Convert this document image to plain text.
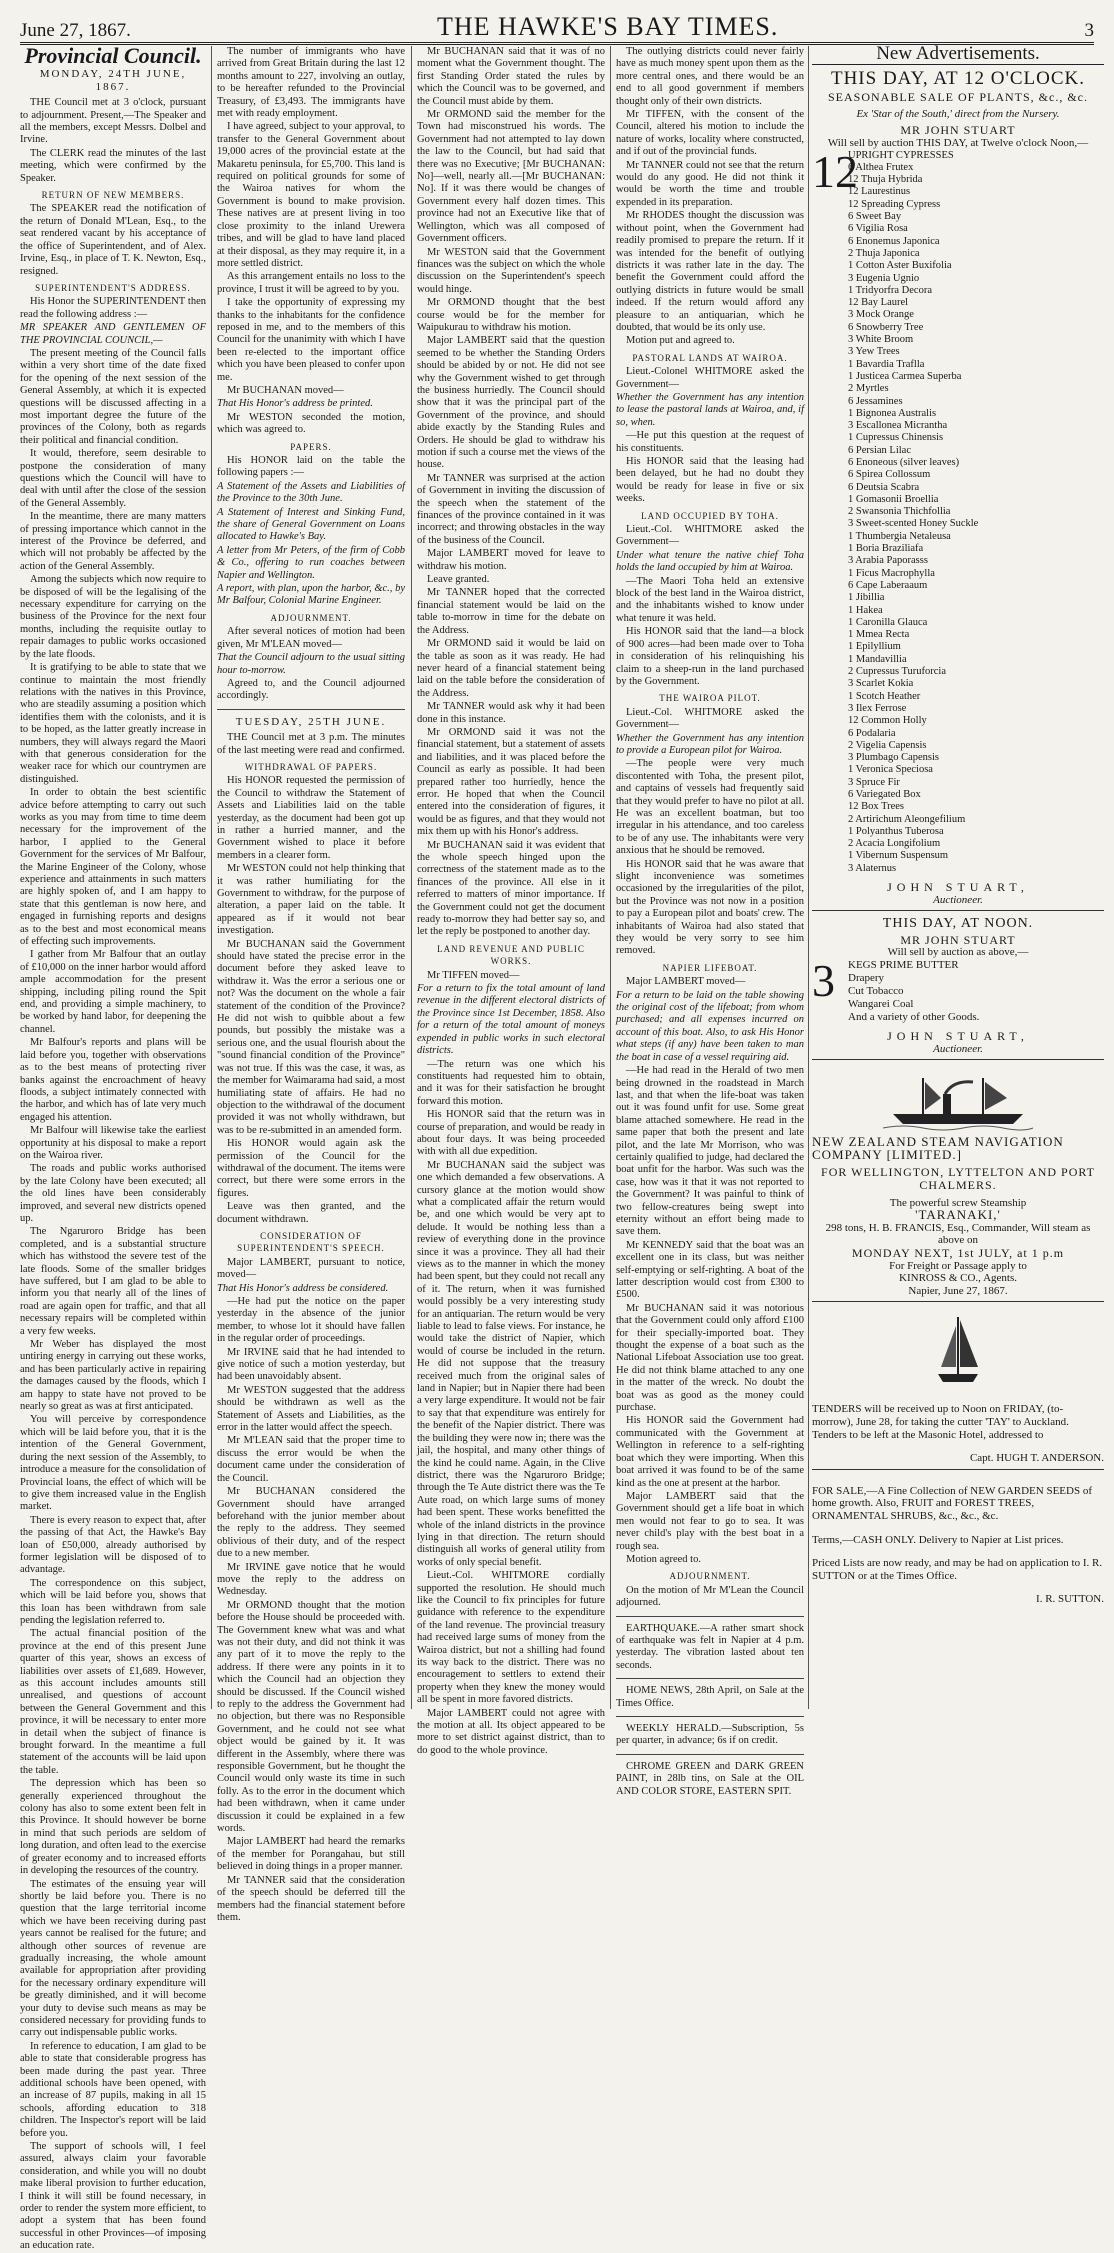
June 27, 1867.	THE HAWKE'S BAY TIMES.	3
Provincial Council.
MONDAY, 24TH JUNE, 1867.

THE Council met at 3 o'clock, pursuant to adjournment. Present,—The Speaker and all the members, except Messrs. Dolbel and Irvine.

The CLERK read the minutes of the last meeting, which were confirmed by the Speaker.

RETURN OF NEW MEMBERS.

The SPEAKER read the notification of the return of Donald M'Lean, Esq., to the seat rendered vacant by his acceptance of the office of Superintendent, and of Alex. Irvine, Esq., in place of T. K. Newton, Esq., resigned.

SUPERINTENDENT'S ADDRESS.

His Honor the SUPERINTENDENT then read the following address :—

MR SPEAKER AND GENTLEMEN OF THE PROVINCIAL COUNCIL,—

The present meeting of the Council falls within a very short time of the date fixed for the opening of the next session of the General Assembly, at which it is expected questions will be discussed affecting in a most important degree the future of the provinces of the Colony, both as regards their political and financial condition.

It would, therefore, seem desirable to postpone the consideration of many questions which the Council will have to deal with until after the close of the session of the General Assembly.

In the meantime, there are many matters of pressing importance which cannot in the interest of the Province be deferred, and which will not probably be affected by the action of the General Assembly.

Among the subjects which now require to be disposed of will be the legalising of the necessary expenditure for carrying on the business of the Province for the next four months, including the requisite outlay to repair damages to public works occasioned by the late floods.

It is gratifying to be able to state that we continue to maintain the most friendly relations with the natives in this Province, who are steadily assuming a position which identifies them with the colonists, and it is to be hoped, as the latter greatly increase in numbers, they will always regard the Maori with that generous consideration for the weaker race for which our countrymen are distinguished.

In order to obtain the best scientific advice before attempting to carry out such works as you may from time to time deem necessary for the improvement of the harbor, I applied to the General Government for the services of Mr Balfour, the Marine Engineer of the Colony, whose experience and attainments in such matters are highly spoken of, and I am happy to state that this gentleman is now here, and engaged in furnishing reports and designs as to the best and most economical means of effecting such improvements.

I gather from Mr Balfour that an outlay of £10,000 on the inner harbor would afford ample accommodation for the present shipping, including piling round the Spit end, and providing a simple machinery, to be worked by hand labor, for deepening the channel.

Mr Balfour's reports and plans will be laid before you, together with observations as to the best means of protecting river banks against the encroachment of heavy floods, a subject intimately connected with the harbor, and which has of late very much engaged his attention.

Mr Balfour will likewise take the earliest opportunity at his disposal to make a report on the Wairoa river.

The roads and public works authorised by the late Colony have been executed; all the old lines have been considerably improved, and several new districts opened up.

The Ngaruroro Bridge has been completed, and is a substantial structure which has withstood the severe test of the late floods. Some of the smaller bridges have suffered, but I am glad to be able to inform you that nearly all of the lines of road are again open for traffic, and that all necessary repairs will be completed within a very few weeks.

Mr Weber has displayed the most untiring energy in carrying out these works, and has been particularly active in repairing the damages caused by the floods, which I am happy to state have not proved to be nearly so great as was at first anticipated.

You will perceive by correspondence which will be laid before you, that it is the intention of the General Government, during the next session of the Assembly, to introduce a measure for the consolidation of Provincial loans, the effect of which will be to give them increased value in the English market.

There is every reason to expect that, after the passing of that Act, the Hawke's Bay loan of £50,000, already authorised by former legislation will be disposed of to advantage.

The correspondence on this subject, which will be laid before you, shows that this loan has been withdrawn from sale pending the legislation referred to.

The actual financial position of the province at the end of this present June quarter of this year, shows an excess of liabilities over assets of £1,689. However, as this account includes amounts still unrealised, and questions of account between the General Government and this province, it will be necessary to enter more in detail when the subject of finance is brought forward. In the meantime a full statement of the accounts will be laid upon the table.

The depression which has been so generally experienced throughout the colony has also to some extent been felt in this Province. It should however be borne in mind that such periods are seldom of long duration, and often lead to the exercise of greater economy and to increased efforts in developing the resources of the country.

The estimates of the ensuing year will shortly be laid before you. There is no question that the large territorial income which we have been receiving during past years cannot be realised for the future; and although other sources of revenue are gradually increasing, the whole amount available for appropriation after providing for the necessary ordinary expenditure will be greatly diminished, and it will become your duty to devise such means as may be considered necessary for providing funds to carry out indispensable public works.

In reference to education, I am glad to be able to state that considerable progress has been made during the past year. Three additional schools have been opened, with an increase of 87 pupils, making in all 15 schools, affording education to 318 children. The Inspector's report will be laid before you.

The support of schools will, I feel assured, always claim your favorable consideration, and while you will no doubt make liberal provision to further education, I think it will still be found necessary, in order to render the system more efficient, to adopt a system that has been found successful in other Provinces—of imposing an education rate.

The number of immigrants who have arrived from Great Britain during the last 12 months amount to 227, involving an outlay, to be hereafter refunded to the Provincial Treasury, of £3,493. The immigrants have met with ready employment.

I have agreed, subject to your approval, to transfer to the General Government about 19,000 acres of the provincial estate at the Makaretu peninsula, for £5,700. This land is required on political grounds for some of the Wairoa natives for whom the Government is bound to make provision. These natives are at present living in too close proximity to the inland Urewera tribes, and will be glad to have land placed at their disposal, as they may require it, in a more settled district.

As this arrangement entails no loss to the province, I trust it will be agreed to by you.

I take the opportunity of expressing my thanks to the inhabitants for the confidence reposed in me, and to the members of this Council for the unanimity with which I have been re-elected to the important office which you have been pleased to confer upon me.

Mr BUCHANAN moved—

That His Honor's address be printed.

Mr WESTON seconded the motion, which was agreed to.

PAPERS.

His HONOR laid on the table the following papers :—

A Statement of the Assets and Liabilities of the Province to the 30th June.

A Statement of Interest and Sinking Fund, the share of General Government on Loans allocated to Hawke's Bay.

A letter from Mr Peters, of the firm of Cobb & Co., offering to run coaches between Napier and Wellington.

A report, with plan, upon the harbor, &c., by Mr Balfour, Colonial Marine Engineer.

ADJOURNMENT.

After several notices of motion had been given, Mr M'LEAN moved—

That the Council adjourn to the usual sitting hour to-morrow.

Agreed to, and the Council adjourned accordingly.

TUESDAY, 25TH JUNE.

THE Council met at 3 p.m. The minutes of the last meeting were read and confirmed.

WITHDRAWAL OF PAPERS.

His HONOR requested the permission of the Council to withdraw the Statement of Assets and Liabilities laid on the table yesterday, as the document had been got up in rather a hurried manner, and the Government wished to place it before members in a clearer form.

Mr WESTON could not help thinking that it was rather humiliating for the Government to withdraw, for the purpose of alteration, a paper laid on the table. It appeared as if it would not bear investigation.

Mr BUCHANAN said the Government should have stated the precise error in the document before they asked leave to withdraw it. Was the error a serious one or not? Was the document on the whole a fair statement of the condition of the Province? He did not wish to quibble about a few pounds, but possibly the mistake was a serious one, and the usual flourish about the "sound financial condition of the Province" was not true. If this was the case, it was, as the member for Waimarama had said, a most humiliating state of affairs. He had no objection to the withdrawal of the document provided it was not wholly withdrawn, but was to be re-submitted in an amended form.

His HONOR would again ask the permission of the Council for the withdrawal of the document. The items were correct, but there were some errors in the figures.

Leave was then granted, and the document withdrawn.

CONSIDERATION OF SUPERINTENDENT'S SPEECH.

Major LAMBERT, pursuant to notice, moved—

That His Honor's address be considered.

—He had put the notice on the paper yesterday in the absence of the junior member, to whose lot it should have fallen in the regular order of proceedings.

Mr IRVINE said that he had intended to give notice of such a motion yesterday, but had been unavoidably absent.

Mr WESTON suggested that the address should be withdrawn as well as the Statement of Assets and Liabilities, as the error in the latter would affect the speech.

Mr M'LEAN said that the proper time to discuss the error would be when the document came under the consideration of the Council.

Mr BUCHANAN considered the Government should have arranged beforehand with the junior member about the reply to the address. They seemed oblivious of their duty, and of the respect due to a new member.

Mr IRVINE gave notice that he would move the reply to the address on Wednesday.

Mr ORMOND thought that the motion before the House should be proceeded with. The Government knew what was and what was not their duty, and did not think it was any part of it to move the reply to the address. If there were any points in it to which the Council had an objection they should be discussed. If the Council wished to reply to the address the Government had no objection, but there was no Responsible Government, and he could not see what object would be gained by it. It was different in the Assembly, where there was responsible Government, but he thought the Council would only waste its time in such folly. As to the error in the document which had been withdrawn, when it came under discussion it could be explained in a few words.

Major LAMBERT had heard the remarks of the member for Porangahau, but still believed in doing things in a proper manner.

Mr TANNER said that the consideration of the speech should be deferred till the members had the financial statement before them.

Mr BUCHANAN said that it was of no moment what the Government thought. The first Standing Order stated the rules by which the Council was to be governed, and the Council must abide by them.

Mr ORMOND said the member for the Town had misconstrued his words. The Government had not attempted to lay down the law to the Council, but had said that there was no Executive; [Mr BUCHANAN: No]—well, nearly all.—[Mr BUCHANAN: No]. If it was there would be changes of Government every half dozen times. This province had not an Executive like that of Wellington, which was all composed of Government officers.

Mr WESTON said that the Government finances was the subject on which the whole discussion on the Superintendent's speech would hinge.

Mr ORMOND thought that the best course would be for the member for Waipukurau to withdraw his motion.

Major LAMBERT said that the question seemed to be whether the Standing Orders should be abided by or not. He did not see why the Government wished to get through the business hurriedly. The Council should show that it was the principal part of the Government of the province, and should abide exactly by the Standing Rules and Orders. He should be glad to withdraw his motion if such a course met the views of the house.

Mr TANNER was surprised at the action of Government in inviting the discussion of the speech when the statement of the finances of the province contained in it was incorrect; and throwing obstacles in the way of the business of the Council.

Major LAMBERT moved for leave to withdraw his motion.

Leave granted.

Mr TANNER hoped that the corrected financial statement would be laid on the table to-morrow in time for the debate on the Address.

Mr ORMOND said it would be laid on the table as soon as it was ready. He had never heard of a financial statement being laid on the table before the consideration of the Address.

Mr TANNER would ask why it had been done in this instance.

Mr ORMOND said it was not the financial statement, but a statement of assets and liabilities, and it was placed before the Council as early as possible. It had been prepared rather too hurriedly, hence the error. He hoped that when the Council entered into the consideration of figures, it would be as figures, and that they would not mix them up with his Honor's address.

Mr BUCHANAN said it was evident that the whole speech hinged upon the correctness of the statement made as to the finances of the province. All else in it referred to matters of minor importance. If the Government could not get the document ready to-morrow they had better say so, and let the reply be postponed to another day.

LAND REVENUE AND PUBLIC WORKS.

Mr TIFFEN moved—

For a return to fix the total amount of land revenue in the different electoral districts of the Province since 1st December, 1858. Also for a return of the total amount of moneys expended in public works in such electoral districts.

—The return was one which his constituents had requested him to obtain, and it was for their satisfaction he brought forward this motion.

His HONOR said that the return was in course of preparation, and would be ready in about four days. It was being proceeded with with all due expedition.

Mr BUCHANAN said the subject was one which demanded a few observations. A cursory glance at the motion would show what a complicated affair the return would be, and one which would be very apt to delude. It would be nothing less than a review of everything done in the province since it was a province. They all had their views as to the manner in which the money had been spent, but they could not recall any of it. The return, when it was furnished would possibly be a very interesting study for an antiquarian. The return would be very liable to lead to false views. For instance, he would take the district of Napier, which would of course be included in the return. He did not suppose that the treasury received much from the original sales of land in Napier; but in Napier there had been a very large expenditure. It would not be fair to say that that expenditure was entirely for the benefit of the Napier district. There was the building they were now in; there was the jail, the hospital, and many other things of the kind he could name. Again, in the Clive district, there was the Ngaruroro Bridge; through the Te Aute district there was the Te Aute road, on which large sums of money had been spent. These works benefitted the whole of the inland districts in the province lying in that direction. The return should distinguish all works of general utility from works of only special benefit.

Lieut.-Col. WHITMORE cordially supported the resolution. He should much like the Council to fix principles for future guidance with reference to the expenditure of the land revenue. The provincial treasury had received large sums of money from the Wairoa district, but not a shilling had found its way back to the district. There was no encouragement to settlers to extend their property when they knew the money would all be spent in more favored districts.

Major LAMBERT could not agree with the motion at all. Its object appeared to be more to set district against district, than to do good to the whole province.

The outlying districts could never fairly have as much money spent upon them as the more central ones, and there would be an end to all good government if members thought only of their own districts.

Mr TIFFEN, with the consent of the Council, altered his motion to include the nature of works, locality where constructed, and if out of the provincial funds.

Mr TANNER could not see that the return would do any good. He did not think it would be worth the time and trouble expended in its preparation.

Mr RHODES thought the discussion was without point, when the Government had readily promised to prepare the return. If it was intended for the benefit of outlying districts it was rather late in the day. The benefit the Government could afford the outlying districts in future would be small indeed. If the return would afford any pleasure to an antiquarian, which he doubted, that would be its only use.

Motion put and agreed to.

PASTORAL LANDS AT WAIROA.

Lieut.-Colonel WHITMORE asked the Government—

Whether the Government has any intention to lease the pastoral lands at Wairoa, and, if so, when.

—He put this question at the request of his constituents.

His HONOR said that the leasing had been delayed, but he had no doubt they would be ready for lease in five or six weeks.

LAND OCCUPIED BY TOHA.

Lieut.-Col. WHITMORE asked the Government—

Under what tenure the native chief Toha holds the land occupied by him at Wairoa.

—The Maori Toha held an extensive block of the best land in the Wairoa district, and the inhabitants wished to know under what tenure it was held.

His HONOR said that the land—a block of 900 acres—had been made over to Toha in consideration of his relinquishing his claim to a sheep-run in the land purchased by the Government.

THE WAIROA PILOT.

Lieut.-Col. WHITMORE asked the Government—

Whether the Government has any intention to provide a European pilot for Wairoa.

—The people were very much discontented with Toha, the present pilot, and captains of vessels had frequently said that they would prefer to have no pilot at all. He was an excellent boatman, but too irregular in his attendance, and too careless to be of any use. The inhabitants were very anxious that he should be removed.

His HONOR said that he was aware that slight inconvenience was sometimes occasioned by the irregularities of the pilot, but the Province was not now in a position to pay a European pilot and boats' crew. The inhabitants of Wairoa had also stated that they would be very sorry to see him removed.

NAPIER LIFEBOAT.

Major LAMBERT moved—

For a return to be laid on the table showing the original cost of the lifeboat; from whom purchased; and all expenses incurred on account of this boat. Also, to ask His Honor what steps (if any) have been taken to man the boat in case of a vessel requiring aid.

—He had read in the Herald of two men being drowned in the roadstead in March last, and that when the life-boat was taken out it was found unfit for use. Some great blame attached somewhere. He read in the same paper that both the present and late pilot, and the late Mr Morrison, who was certainly qualified to judge, had declared the boat unfit for the harbor. Was such was the case, how was it that it was not reported to the Government? It was painful to think of two fellow-creatures being swept into eternity without an effort being made to save them.

Mr KENNEDY said that the boat was an excellent one in its class, but was neither self-emptying or self-righting. A boat of the latter description would cost from £300 to £500.

Mr BUCHANAN said it was notorious that the Government could only afford £100 for their specially-imported boat. They thought the expense of a boat such as the National Lifeboat Association use too great. He did not think blame attached to any one in the matter of the wreck. No doubt the boat was as good as the money could purchase.

His HONOR said the Government had communicated with the Government at Wellington in reference to a self-righting boat which they were importing. When this boat arrived it was found to be of the same kind as the one at present at the harbor.

Major LAMBERT said that the Government should get a life boat in which men would not fear to go to sea. It was never child's play with the best boat in a rough sea.

Motion agreed to.

ADJOURNMENT.

On the motion of Mr M'Lean the Council adjourned.

EARTHQUAKE.—A rather smart shock of earthquake was felt in Napier at 4 p.m. yesterday. The vibration lasted about ten seconds.

HOME NEWS, 28th April, on Sale at the Times Office.

WEEKLY HERALD.—Subscription, 5s per quarter, in advance; 6s if on credit.

CHROME GREEN and DARK GREEN PAINT, in 28lb tins, on Sale at the OIL AND COLOR STORE, EASTERN SPIT.

New Advertisements.
THIS DAY, AT 12 O'CLOCK.
SEASONABLE SALE OF PLANTS, &c., &c.
Ex 'Star of the South,' direct from the Nursery.
MR JOHN STUART
Will sell by auction THIS DAY, at Twelve o'clock Noon,—
12
UPRIGHT CYPRESSES
6 Althea Frutex
12 Thuja Hybrida
12 Laurestinus
12 Spreading Cypress
6 Sweet Bay
6 Vigilia Rosa
6 Enonemus Japonica
2 Thuja Japonica
1 Cotton Aster Buxifolia
3 Eugenia Ugnio
1 Tridyorfra Decora
12 Bay Laurel
3 Mock Orange
6 Snowberry Tree
3 White Broom
3 Yew Trees
1 Bavardia Traflla
1 Justicea Carmea Superba
2 Myrtles
6 Jessamines
1 Bignonea Australis
3 Escallonea Micrantha
1 Cupressus Chinensis
6 Persian Lilac
6 Enoneous (silver leaves)
6 Spirea Collossum
6 Deutsia Scabra
1 Gomasonii Broellia
2 Swansonia Thichfollia
3 Sweet-scented Honey Suckle
1 Thumbergia Netaleusa
1 Boria Braziliafa
3 Arabia Paporasss
1 Ficus Macrophylla
6 Cape Laberaaum
1 Jibillia
1 Hakea
1 Caronilla Glauca
1 Mmea Recta
1 Epilyllium
1 Mandavillia
2 Cupressus Turuforcia
3 Scarlet Kokia
1 Scotch Heather
3 Ilex Ferrose
12 Common Holly
6 Podalaria
2 Vigelia Capensis
3 Plumbago Capensis
1 Veronica Speciosa
3 Spruce Fir
6 Variegated Box
12 Box Trees
2 Artirichum Aleongefilium
1 Polyanthus Tuberosa
2 Acacia Longifolium
1 Vibernum Suspensum
3 Alaternus
JOHN STUART,
Auctioneer.
THIS DAY, AT NOON.
MR JOHN STUART
Will sell by auction as above,—
3	KEGS PRIME BUTTER
Drapery
Cut Tobacco
Wangarei Coal
And a variety of other Goods.
JOHN STUART,
Auctioneer.
NEW ZEALAND STEAM NAVIGATION COMPANY [LIMITED.]
FOR WELLINGTON, LYTTELTON AND PORT CHALMERS.
The powerful screw Steamship
'TARANAKI,'
298 tons, H. B. FRANCIS, Esq., Commander, Will steam as above on
MONDAY NEXT, 1st JULY, at 1 p.m
For Freight or Passage apply to
KINROSS & CO., Agents.
Napier, June 27, 1867.

TENDERS will be received up to Noon on FRIDAY, (to-morrow), June 28, for taking the cutter 'TAY' to Auckland. Tenders to be left at the Masonic Hotel, addressed to

Capt. HUGH T. ANDERSON.

FOR SALE,—A Fine Collection of NEW GARDEN SEEDS of home growth. Also, FRUIT and FOREST TREES, ORNAMENTAL SHRUBS, &c., &c., &c.

Terms,—CASH ONLY. Delivery to Napier at List prices.

Priced Lists are now ready, and may be had on application to I. R. SUTTON or at the Times Office.

I. R. SUTTON.
